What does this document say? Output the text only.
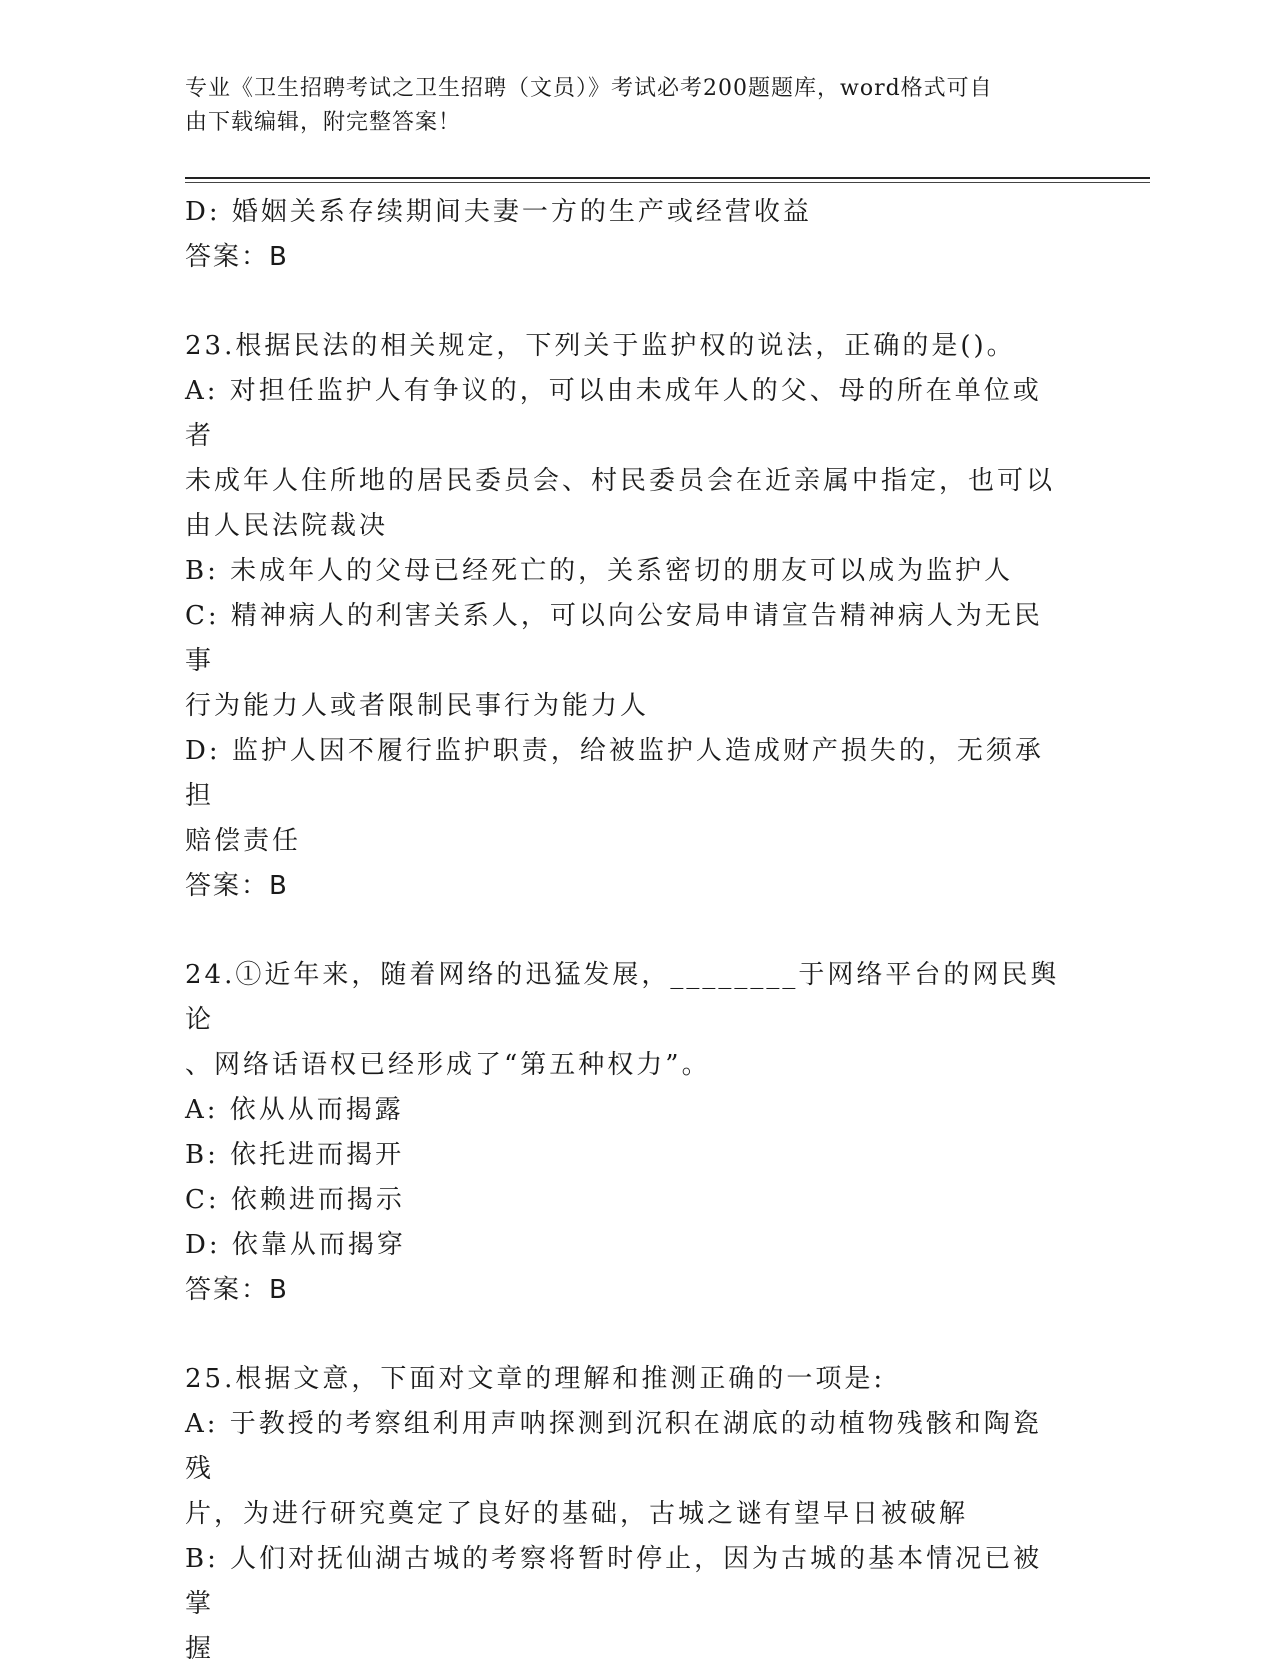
专业《卫生招聘考试之卫生招聘（文员）》考试必考200题题库，word格式可自
由下载编辑，附完整答案！
D: 婚姻关系存续期间夫妻一方的生产或经营收益
答案：B
23.根据民法的相关规定，下列关于监护权的说法，正确的是()。
A: 对担任监护人有争议的，可以由未成年人的父、母的所在单位或者
未成年人住所地的居民委员会、村民委员会在近亲属中指定，也可以
由人民法院裁决
B: 未成年人的父母已经死亡的，关系密切的朋友可以成为监护人
C: 精神病人的利害关系人，可以向公安局申请宣告精神病人为无民事
行为能力人或者限制民事行为能力人
D: 监护人因不履行监护职责，给被监护人造成财产损失的，无须承担
赔偿责任
答案：B
24.①近年来，随着网络的迅猛发展，________于网络平台的网民舆论
、网络话语权已经形成了“第五种权力”。
A: 依从从而揭露
B: 依托进而揭开
C: 依赖进而揭示
D: 依靠从而揭穿
答案：B
25.根据文意，下面对文章的理解和推测正确的一项是:
A: 于教授的考察组利用声呐探测到沉积在湖底的动植物残骸和陶瓷残
片，为进行研究奠定了良好的基础，古城之谜有望早日被破解
B: 人们对抚仙湖古城的考察将暂时停止，因为古城的基本情况已被掌
握
